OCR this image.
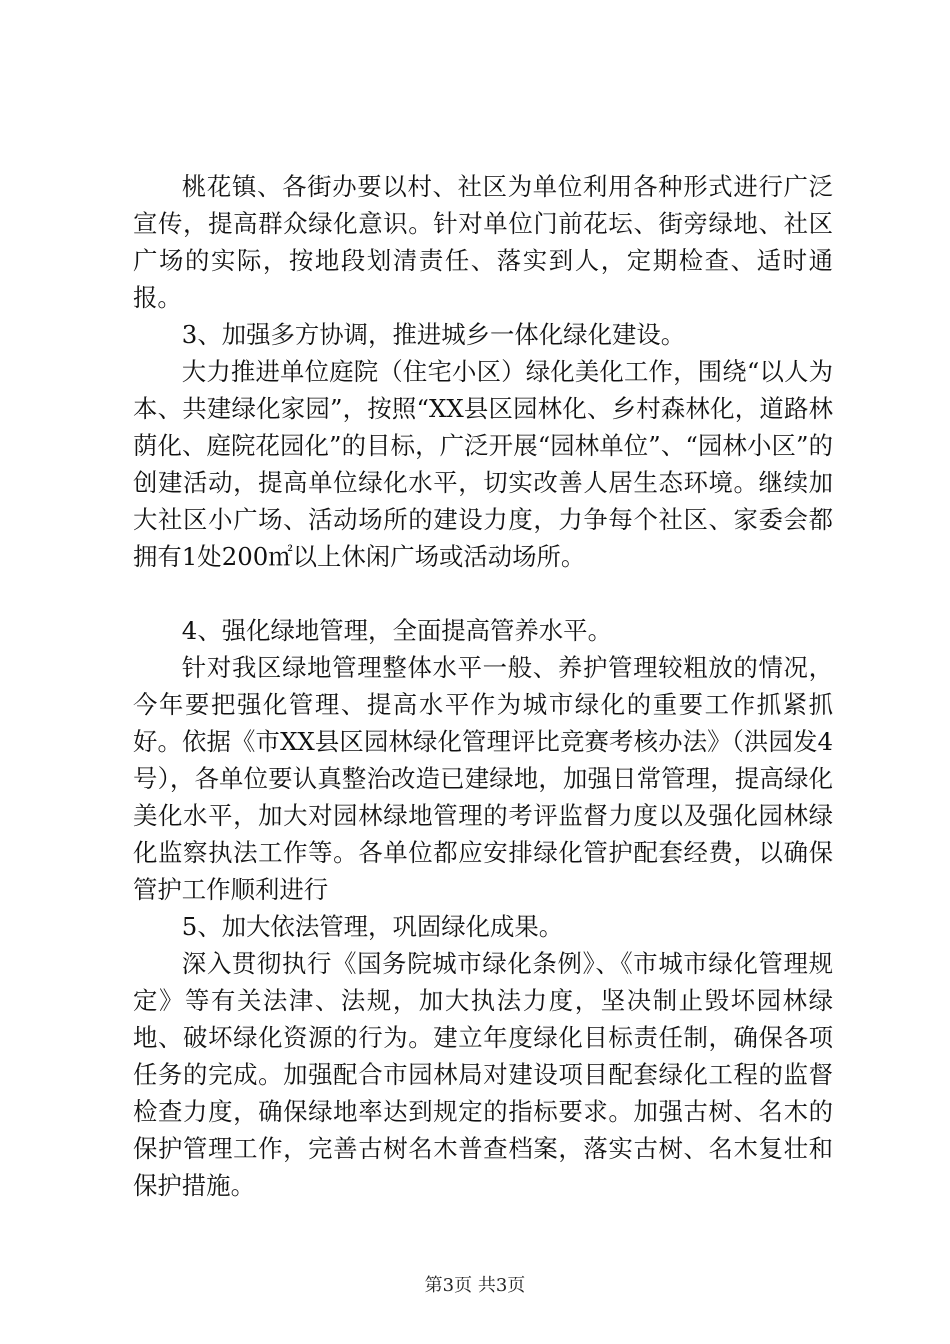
桃花镇、各街办要以村、社区为单位利用各种形式进行广泛宣传，提高群众绿化意识。针对单位门前花坛、街旁绿地、社区广场的实际，按地段划清责任、落实到人，定期检查、适时通报。

3、加强多方协调，推进城乡一体化绿化建设。

大力推进单位庭院（住宅小区）绿化美化工作，围绕“以人为本、共建绿化家园”，按照“XX县区园林化、乡村森林化，道路林荫化、庭院花园化”的目标，广泛开展“园林单位”、“园林小区”的创建活动，提高单位绿化水平，切实改善人居生态环境。继续加大社区小广场、活动场所的建设力度，力争每个社区、家委会都拥有1处200㎡以上休闲广场或活动场所。

4、强化绿地管理，全面提高管养水平。

针对我区绿地管理整体水平一般、养护管理较粗放的情况，今年要把强化管理、提高水平作为城市绿化的重要工作抓紧抓好。依据《市XX县区园林绿化管理评比竞赛考核办法》（洪园发4号），各单位要认真整治改造已建绿地，加强日常管理，提高绿化美化水平，加大对园林绿地管理的考评监督力度以及强化园林绿化监察执法工作等。各单位都应安排绿化管护配套经费，以确保管护工作顺利进行

5、加大依法管理，巩固绿化成果。

深入贯彻执行《国务院城市绿化条例》、《市城市绿化管理规定》等有关法津、法规，加大执法力度，坚决制止毁坏园林绿地、破坏绿化资源的行为。建立年度绿化目标责任制，确保各项任务的完成。加强配合市园林局对建设项目配套绿化工程的监督检查力度，确保绿地率达到规定的指标要求。加强古树、名木的保护管理工作，完善古树名木普查档案，落实古树、名木复壮和保护措施。

第3页 共3页
